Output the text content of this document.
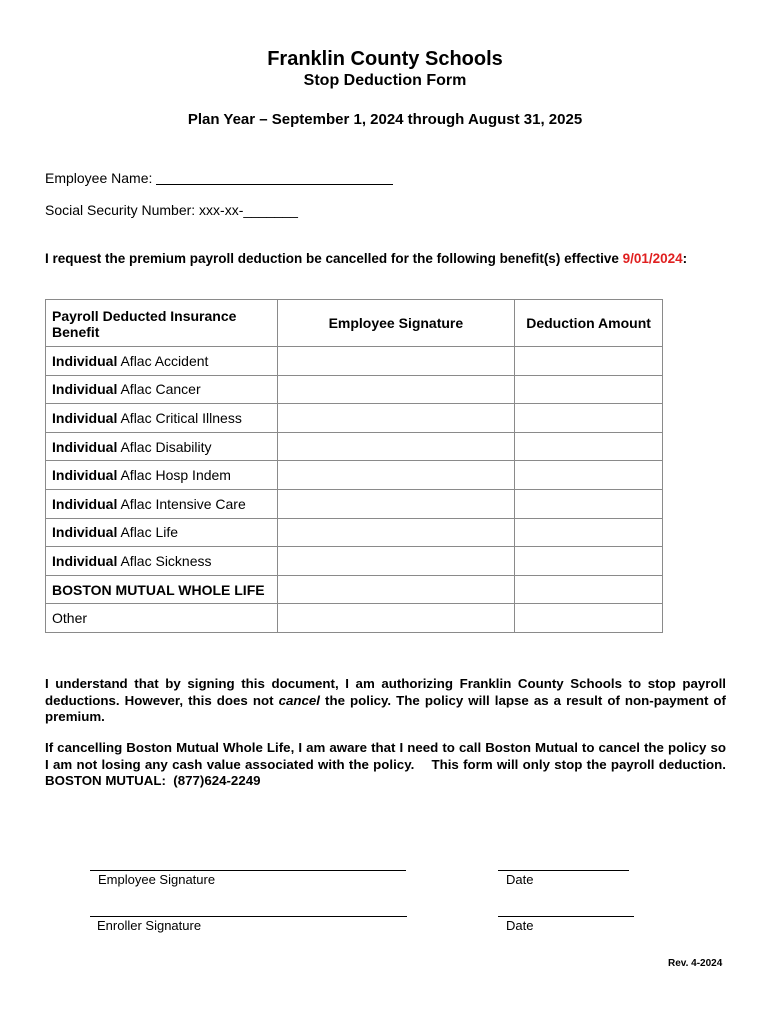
Franklin County Schools
Stop Deduction Form
Plan Year – September 1, 2024 through August 31, 2025
Employee Name:
Social Security Number: xxx-xx-_______
I request the premium payroll deduction be cancelled for the following benefit(s) effective 9/01/2024:
Payroll Deducted Insurance Benefit	Employee Signature	Deduction Amount
Individual Aflac Accident		
Individual Aflac Cancer		
Individual Aflac Critical Illness		
Individual Aflac Disability		
Individual Aflac Hosp Indem		
Individual Aflac Intensive Care		
Individual Aflac Life		
Individual Aflac Sickness		
BOSTON MUTUAL WHOLE LIFE		
Other		
I understand that by signing this document, I am authorizing Franklin County Schools to stop payroll deductions. However, this does not cancel the policy. The policy will lapse as a result of non-payment of premium.
If cancelling Boston Mutual Whole Life, I am aware that I need to call Boston Mutual to cancel the policy so I am not losing any cash value associated with the policy.    This form will only stop the payroll deduction.    BOSTON MUTUAL:  (877)624-2249
Employee Signature	Date
Enroller Signature	Date
Rev. 4-2024
